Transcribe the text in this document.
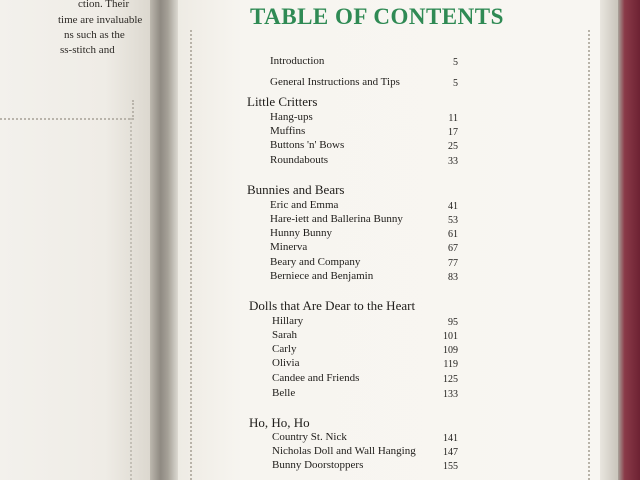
ction. Their
time are invaluable
ns such as the
ss-stitch and
TABLE OF CONTENTS
Introduction	5
General Instructions and Tips	5
Little Critters
Hang-ups	11
Muffins	17
Buttons 'n' Bows	25
Roundabouts	33
Bunnies and Bears
Eric and Emma	41
Hare-iett and Ballerina Bunny	53
Hunny Bunny	61
Minerva	67
Beary and Company	77
Berniece and Benjamin	83
Dolls that Are Dear to the Heart
Hillary	95
Sarah	101
Carly	109
Olivia	119
Candee and Friends	125
Belle	133
Ho, Ho, Ho
Country St. Nick	141
Nicholas Doll and Wall Hanging	147
Bunny Doorstoppers	155
